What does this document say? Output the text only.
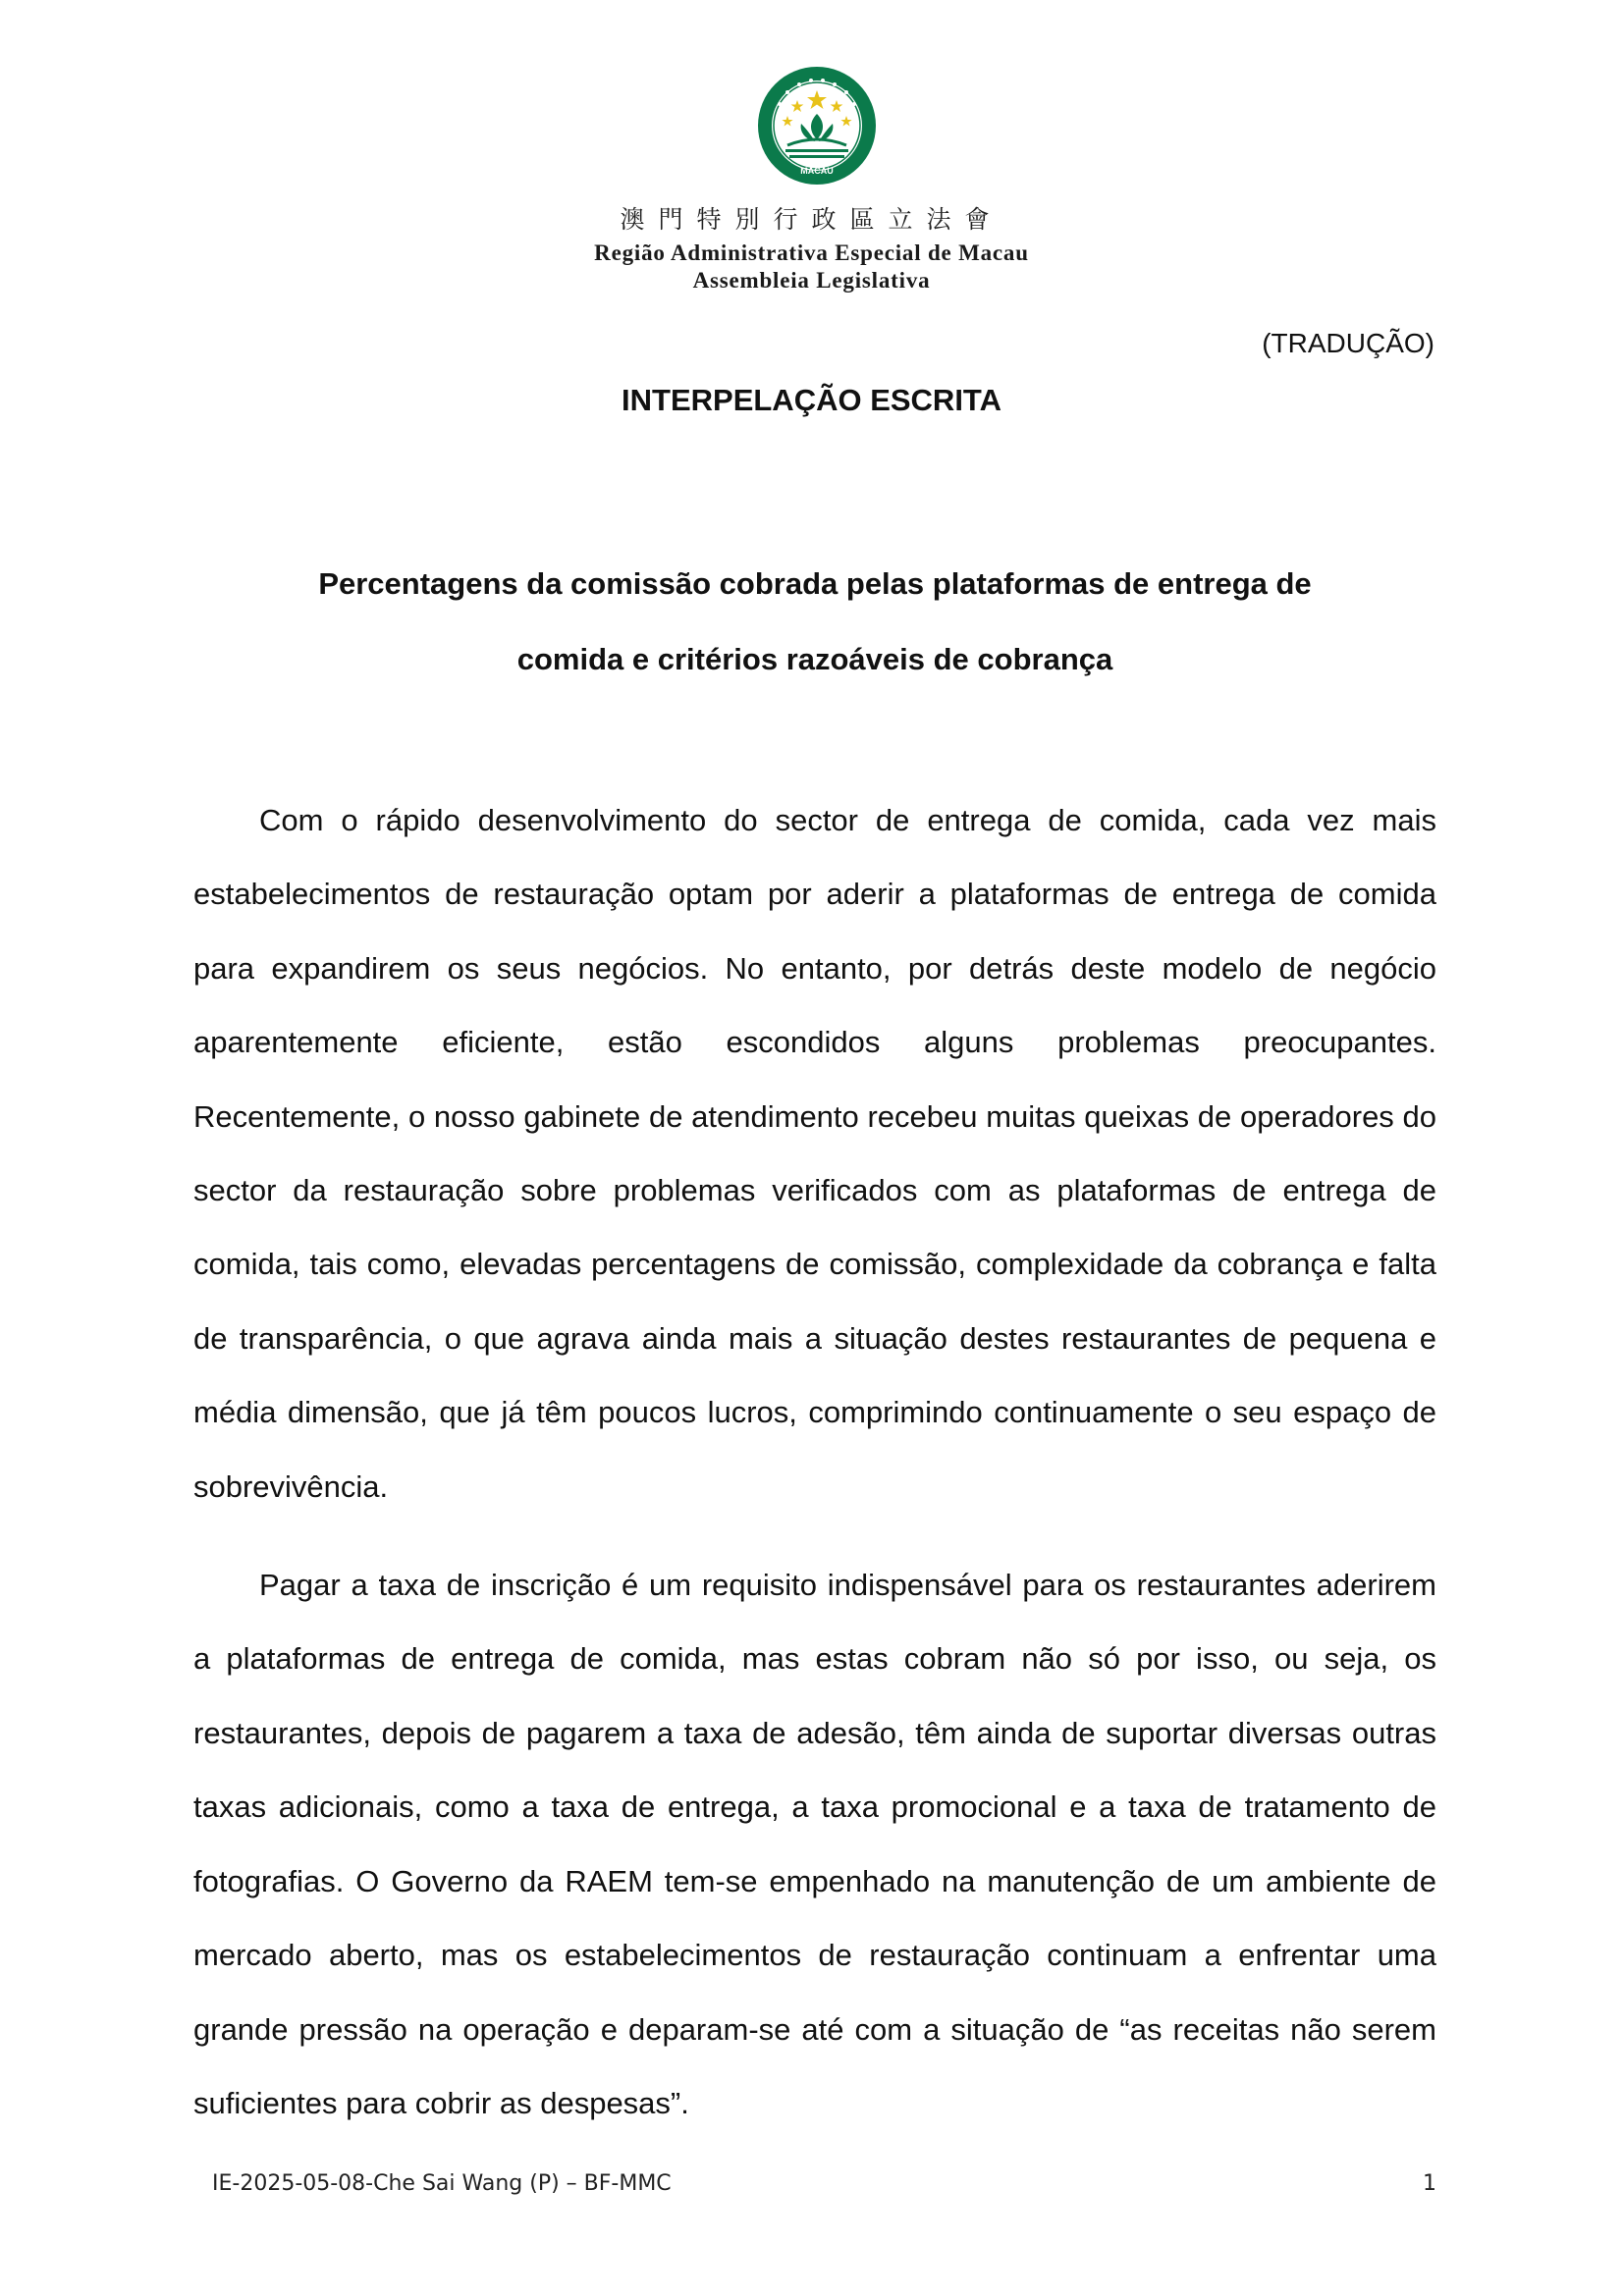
MACAU
澳門特別行政區立法會
Região Administrativa Especial de Macau
Assembleia Legislativa
(TRADUÇÃO)
INTERPELAÇÃO ESCRITA
Percentagens da comissão cobrada pelas plataformas de entrega de comida e critérios razoáveis de cobrança

Com o rápido desenvolvimento do sector de entrega de comida, cada vez mais estabelecimentos de restauração optam por aderir a plataformas de entrega de comida para expandirem os seus negócios. No entanto, por detrás deste modelo de negócio aparentemente eficiente, estão escondidos alguns problemas preocupantes. Recentemente, o nosso gabinete de atendimento recebeu muitas queixas de operadores do sector da restauração sobre problemas verificados com as plataformas de entrega de comida, tais como, elevadas percentagens de comissão, complexidade da cobrança e falta de transparência, o que agrava ainda mais a situação destes restaurantes de pequena e média dimensão, que já têm poucos lucros, comprimindo continuamente o seu espaço de sobrevivência.

Pagar a taxa de inscrição é um requisito indispensável para os restaurantes aderirem a plataformas de entrega de comida, mas estas cobram não só por isso, ou seja, os restaurantes, depois de pagarem a taxa de adesão, têm ainda de suportar diversas outras taxas adicionais, como a taxa de entrega, a taxa promocional e a taxa de tratamento de fotografias. O Governo da RAEM tem-se empenhado na manutenção de um ambiente de mercado aberto, mas os estabelecimentos de restauração continuam a enfrentar uma grande pressão na operação e deparam-se até com a situação de “as receitas não serem suficientes para cobrir as despesas”.

IE-2025-05-08-Che Sai Wang (P) – BF-MMC	1
